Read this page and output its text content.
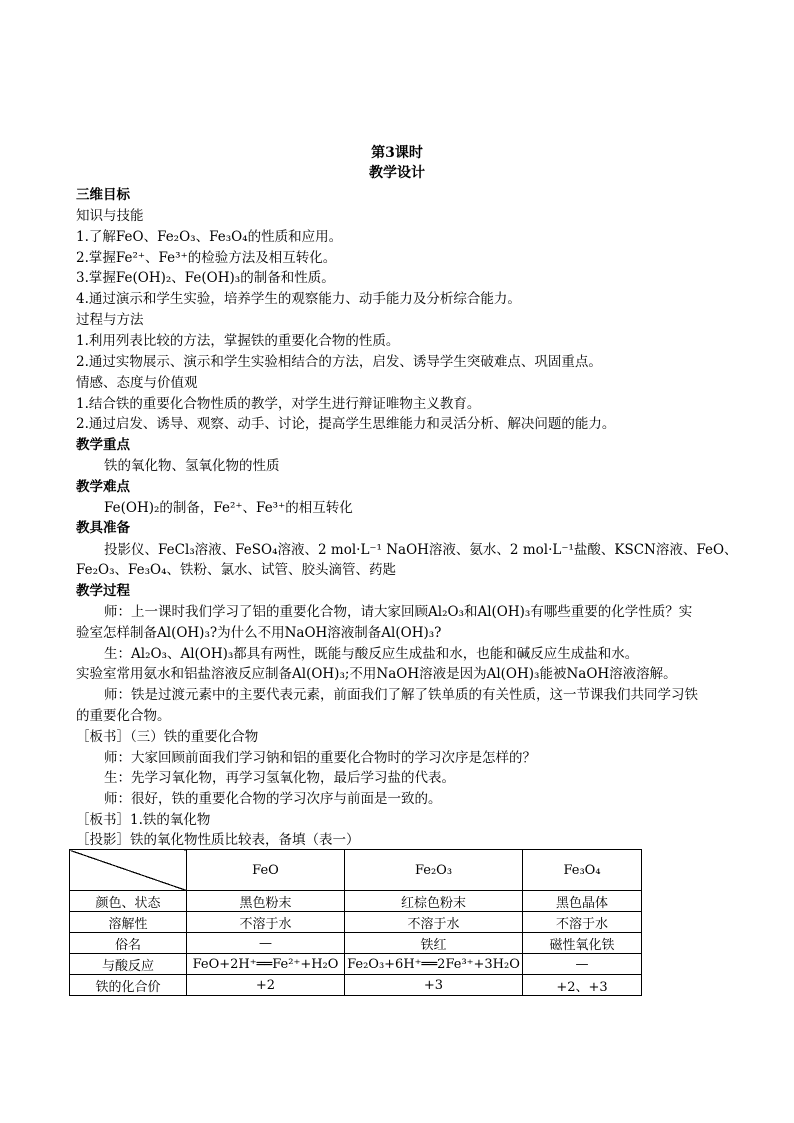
第3课时
教学设计
三维目标
知识与技能
1.了解FeO、Fe₂O₃、Fe₃O₄的性质和应用。
2.掌握Fe²⁺、Fe³⁺的检验方法及相互转化。
3.掌握Fe(OH)₂、Fe(OH)₃的制备和性质。
4.通过演示和学生实验，培养学生的观察能力、动手能力及分析综合能力。
过程与方法
1.利用列表比较的方法，掌握铁的重要化合物的性质。
2.通过实物展示、演示和学生实验相结合的方法，启发、诱导学生突破难点、巩固重点。
情感、态度与价值观
1.结合铁的重要化合物性质的教学，对学生进行辩证唯物主义教育。
2.通过启发、诱导、观察、动手、讨论，提高学生思维能力和灵活分析、解决问题的能力。
教学重点
铁的氧化物、氢氧化物的性质
教学难点
Fe(OH)₂的制备，Fe²⁺、Fe³⁺的相互转化
教具准备
投影仪、FeCl₃溶液、FeSO₄溶液、2 mol·L⁻¹ NaOH溶液、氨水、2 mol·L⁻¹盐酸、KSCN溶液、FeO、
Fe₂O₃、Fe₃O₄、铁粉、氯水、试管、胶头滴管、药匙
教学过程
师：上一课时我们学习了铝的重要化合物，请大家回顾Al₂O₃和Al(OH)₃有哪些重要的化学性质？实
验室怎样制备Al(OH)₃?为什么不用NaOH溶液制备Al(OH)₃?
生：Al₂O₃、Al(OH)₃都具有两性，既能与酸反应生成盐和水，也能和碱反应生成盐和水。
实验室常用氨水和铝盐溶液反应制备Al(OH)₃;不用NaOH溶液是因为Al(OH)₃能被NaOH溶液溶解。
师：铁是过渡元素中的主要代表元素，前面我们了解了铁单质的有关性质，这一节课我们共同学习铁
的重要化合物。
［板书］（三）铁的重要化合物
师：大家回顾前面我们学习钠和铝的重要化合物时的学习次序是怎样的？
生：先学习氧化物，再学习氢氧化物，最后学习盐的代表。
师：很好，铁的重要化合物的学习次序与前面是一致的。
［板书］1.铁的氧化物
［投影］铁的氧化物性质比较表，备填（表一）
	FeO	Fe₂O₃	Fe₃O₄
颜色、状态	黑色粉末	红棕色粉末	黑色晶体
溶解性	不溶于水	不溶于水	不溶于水
俗名	—	铁红	磁性氧化铁
与酸反应	FeO+2H⁺══Fe²⁺+H₂O	Fe₂O₃+6H⁺══2Fe³⁺+3H₂O	—
铁的化合价	+2	+3	+2、+3
